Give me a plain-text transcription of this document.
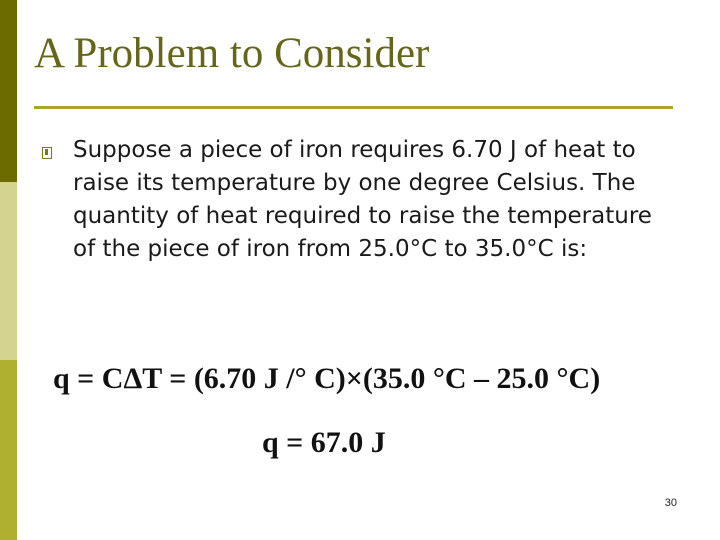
A Problem to Consider

Suppose a piece of iron requires 6.70 J of heat to raise its temperature by one degree Celsius. The quantity of heat required to raise the temperature of the piece of iron from 25.0°C to 35.0°C is:

q = CΔT = (6.70 J /° C)×(35.0 °C – 25.0 °C)
q = 67.0 J
30
